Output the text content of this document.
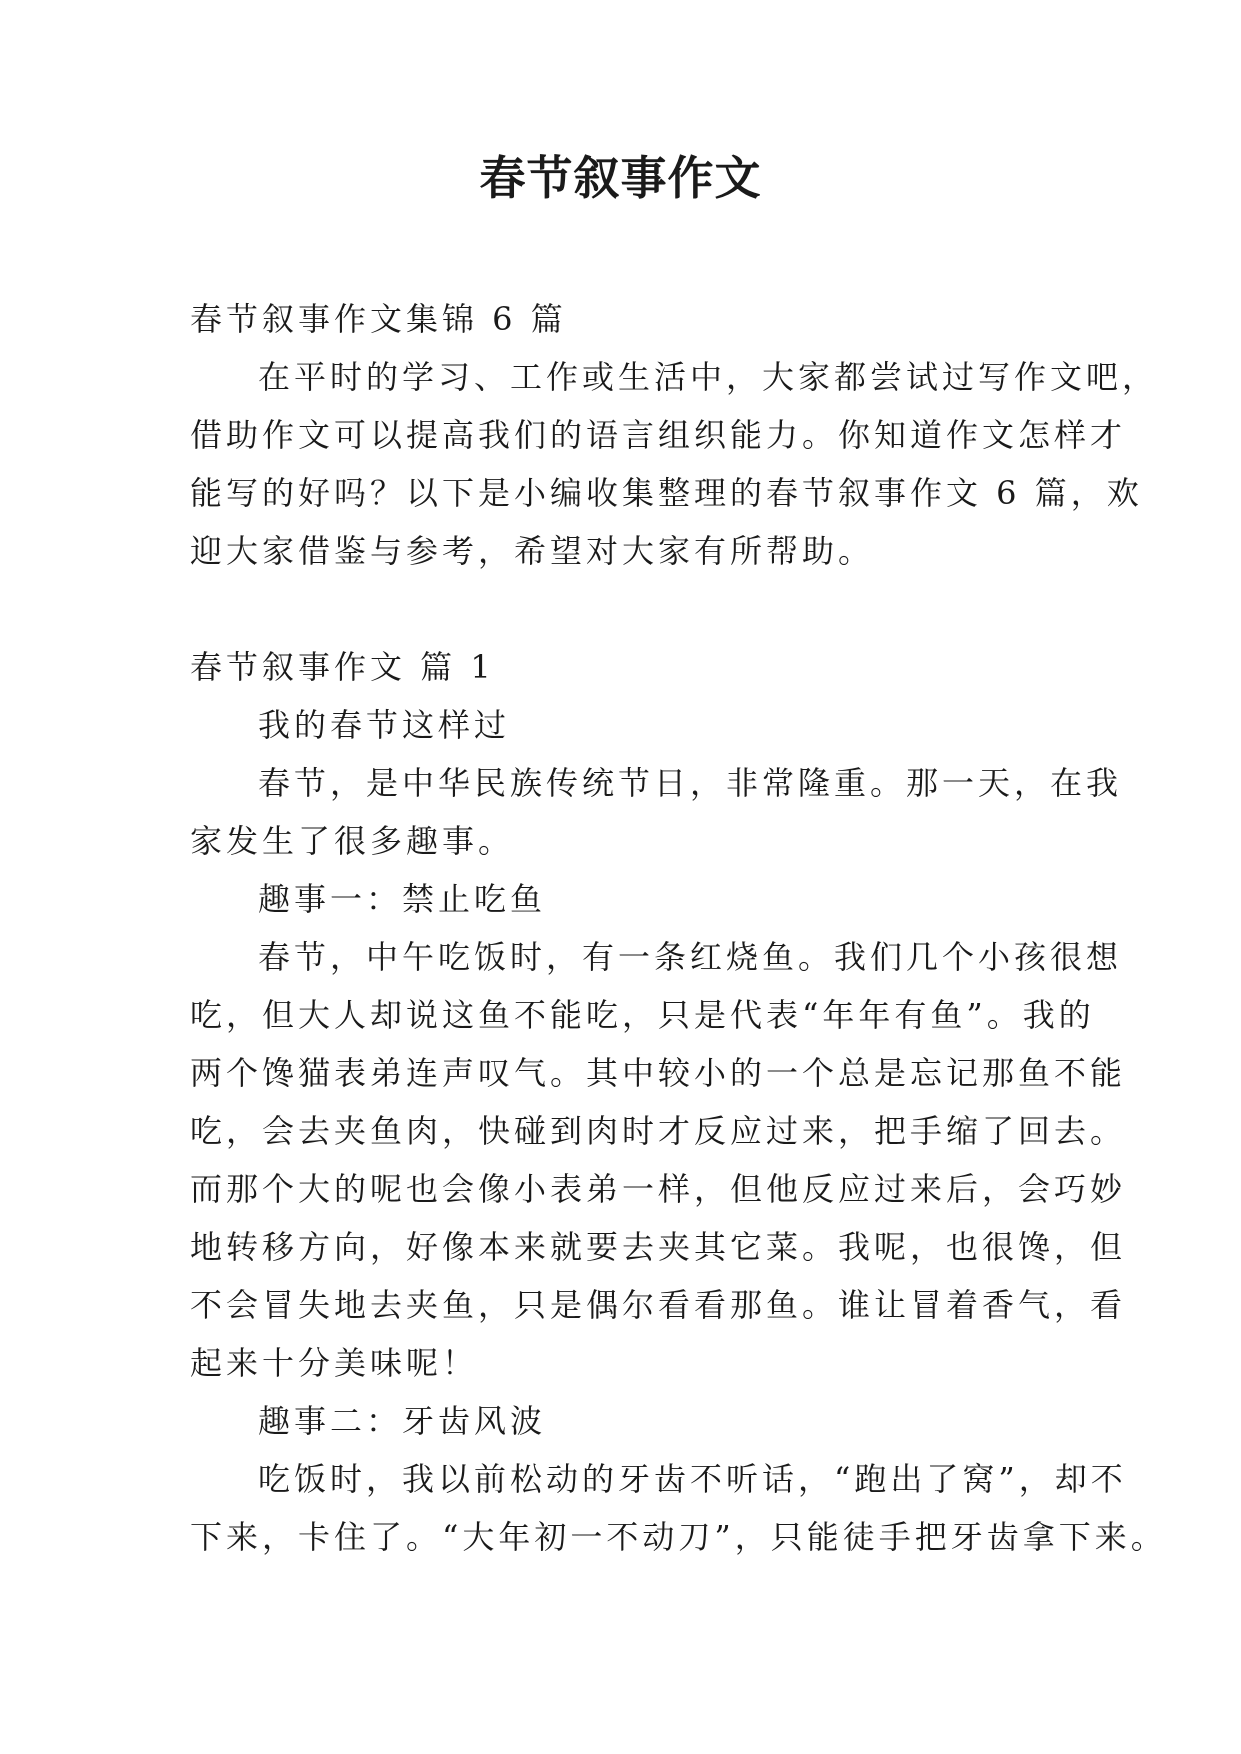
春节叙事作文
春节叙事作文集锦 6 篇
在平时的学习、工作或生活中，大家都尝试过写作文吧，
借助作文可以提高我们的语言组织能力。你知道作文怎样才
能写的好吗？以下是小编收集整理的春节叙事作文 6 篇，欢
迎大家借鉴与参考，希望对大家有所帮助。
春节叙事作文 篇 1
我的春节这样过
春节，是中华民族传统节日，非常隆重。那一天，在我
家发生了很多趣事。
趣事一：禁止吃鱼
春节，中午吃饭时，有一条红烧鱼。我们几个小孩很想
吃，但大人却说这鱼不能吃，只是代表“年年有鱼”。我的
两个馋猫表弟连声叹气。其中较小的一个总是忘记那鱼不能
吃，会去夹鱼肉，快碰到肉时才反应过来，把手缩了回去。
而那个大的呢也会像小表弟一样，但他反应过来后，会巧妙
地转移方向，好像本来就要去夹其它菜。我呢，也很馋，但
不会冒失地去夹鱼，只是偶尔看看那鱼。谁让冒着香气，看
起来十分美味呢！
趣事二：牙齿风波
吃饭时，我以前松动的牙齿不听话，“跑出了窝”，却不
下来，卡住了。“大年初一不动刀”，只能徒手把牙齿拿下来。
